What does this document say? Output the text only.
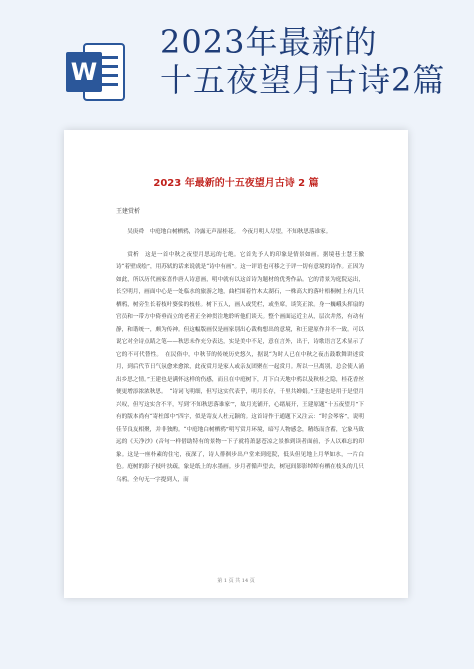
W
2023年最新的
十五夜望月古诗2篇
2023 年最新的十五夜望月古诗 2 篇
王建赏析

吴庚舜　中庭地白树栖鸦，冷露无声湿桂花。　今夜月明人尽望，不知秋思落谁家。

赏析　这是一首中秋之夜望月思远的七绝。它首先予人的印象是情景如画。据境巷士慧王撤诗“着壁成绘”，用苏轼的话来说就是“诗中有画”。这一评语也可移之于评一切有意境的诗作。正因为如此，所以历代画家喜作唐人诗意画，明中就有以这首诗为题材的优秀作品。它的背景为庭院运出，长空明月，画面中心是一处临水的旅游之地，曲栏围着竹木太湖石，一株高大的落叶梧桐树上有几只栖鸦，树旁生长着枝叶婆娑的枝桂。树下五人，画人或凭栏，或坐席，谈笑正浓。身一巍峨头挥扇的官员和一带方中倚垂而立的老者正全神贯注地聆听他们谈天。整个画面运近主从，层次井然，有动有静，和谐统一，颇为传神。但这幅版画仅是画家别出心裁构想出的意境，和王建原作并不一致。可以说它对全诗点睛之笔——秋思未作充分表达，实是美中不足，意在言外，出于，诗歌语言艺术显示了它的不可代替性。　在民俗中，中秋节的传统历史悠久，据说“为时人已在中秋之夜击鼓歌舞讲述赏月，到后代节日气氛愈来愈浓，此夜赏月是家人或亲友团聚在一起赏月。所以一旦离别，总会使人涌出乡思之情。”王建也是满怀这样的伤感，而且在中庭树下，月下白天地中鸦以及秋桂之隐，桂花香丝便更增添浓浓秋思。　“诗词飞明细，但写这实代表乎，明月长存，千里共婵娟。”王建也是用于是望月兴叹，但写这实含不平，写到‘不知秋思落谁家’”，故月光铺开，心绪展开，王建原题“十五夜望月”下有的版本尚有“寄杜郎中”四字，似是寄友人杜元颖的。这首诗作于通题下又注云：“时会琴客”，说明佳节良友相聚，并非独酌。“中庭地白树栖鸦”明写赏月环境，暗写人物感念，精练而含蓄，它象马致远的《天净沙》(音句一样借助特有的景物一下子就将萧瑟苍凉之景推到读者面前，予人以难忘的印象。这是一座朴素的住宅，夜深了，诗人徘徊步出户堂来到庭院，低头但见地上月华如水，一片白色。庭树的影子枝叶扶疏，象是纸上的水墨画。步月者循声望去，树冠间影影绰绰有栖在枝头的几只乌鸦。全句无一字提到人，而

第 1 页 共 14 页
